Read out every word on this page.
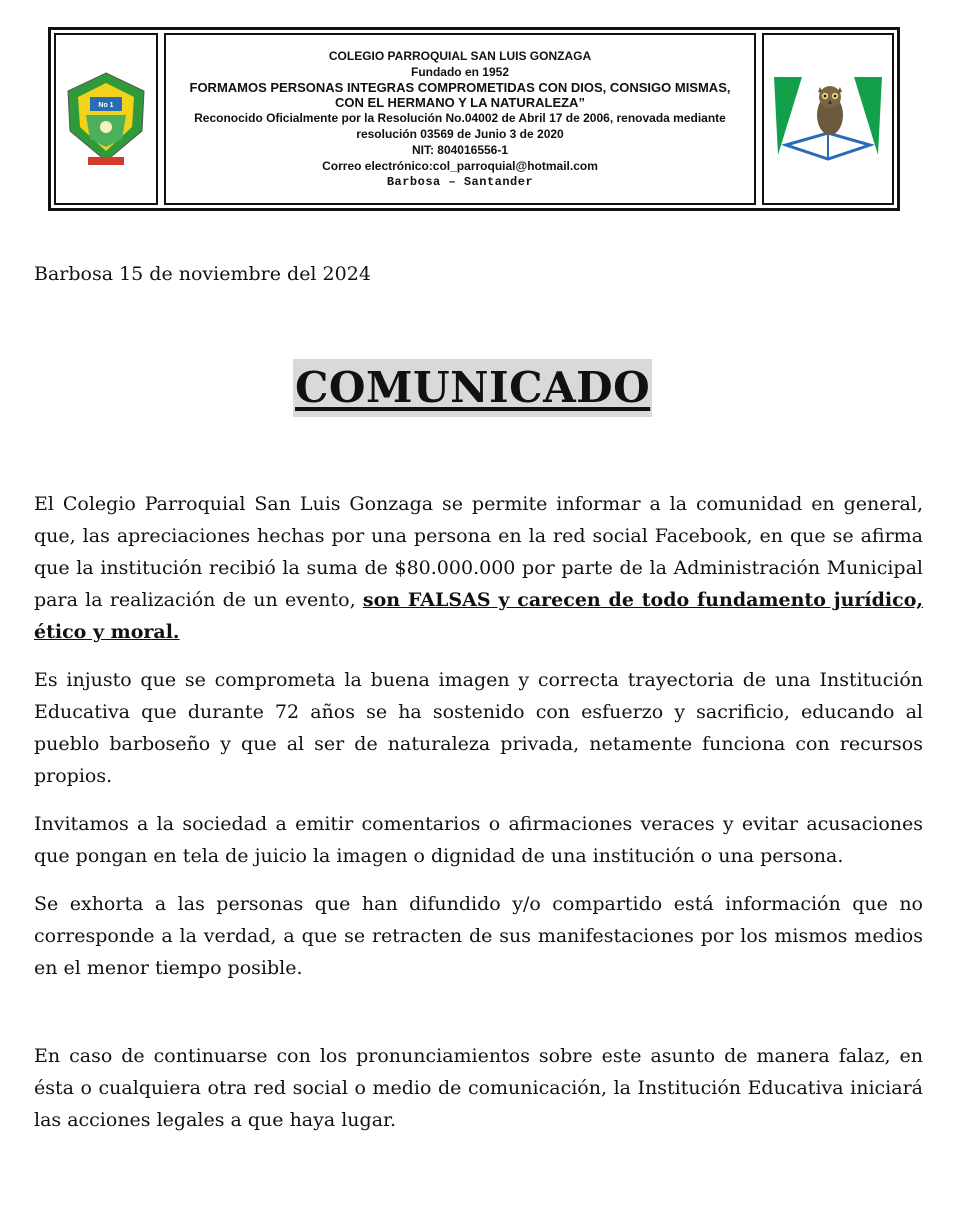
No 1
COLEGIO PARROQUIAL SAN LUIS GONZAGA
Fundado en 1952
FORMAMOS PERSONAS INTEGRAS COMPROMETIDAS CON DIOS, CONSIGO MISMAS, CON EL HERMANO Y LA NATURALEZA”
Reconocido Oficialmente por la Resolución No.04002 de Abril 17 de 2006, renovada mediante resolución 03569 de Junio 3 de 2020
NIT: 804016556-1
Correo electrónico:col_parroquial@hotmail.com
Barbosa – Santander
Barbosa 15 de noviembre del 2024
COMUNICADO

El Colegio Parroquial San Luis Gonzaga se permite informar a la comunidad en general, que, las apreciaciones hechas por una persona en la red social Facebook, en que se afirma que la institución recibió la suma de $80.000.000 por parte de la Administración Municipal para la realización de un evento, son FALSAS y carecen de todo fundamento jurídico, ético y moral.

Es injusto que se comprometa la buena imagen y correcta trayectoria de una Institución Educativa que durante 72 años se ha sostenido con esfuerzo y sacrificio, educando al pueblo barboseño y que al ser de naturaleza privada, netamente funciona con recursos propios.

Invitamos a la sociedad a emitir comentarios o afirmaciones veraces y evitar acusaciones que pongan en tela de juicio la imagen o dignidad de una institución o una persona.

Se exhorta a las personas que han difundido y/o compartido está información que no corresponde a la verdad, a que se retracten de sus manifestaciones por los mismos medios en el menor tiempo posible.

En caso de continuarse con los pronunciamientos sobre este asunto de manera falaz, en ésta o cualquiera otra red social o medio de comunicación, la Institución Educativa iniciará las acciones legales a que haya lugar.
